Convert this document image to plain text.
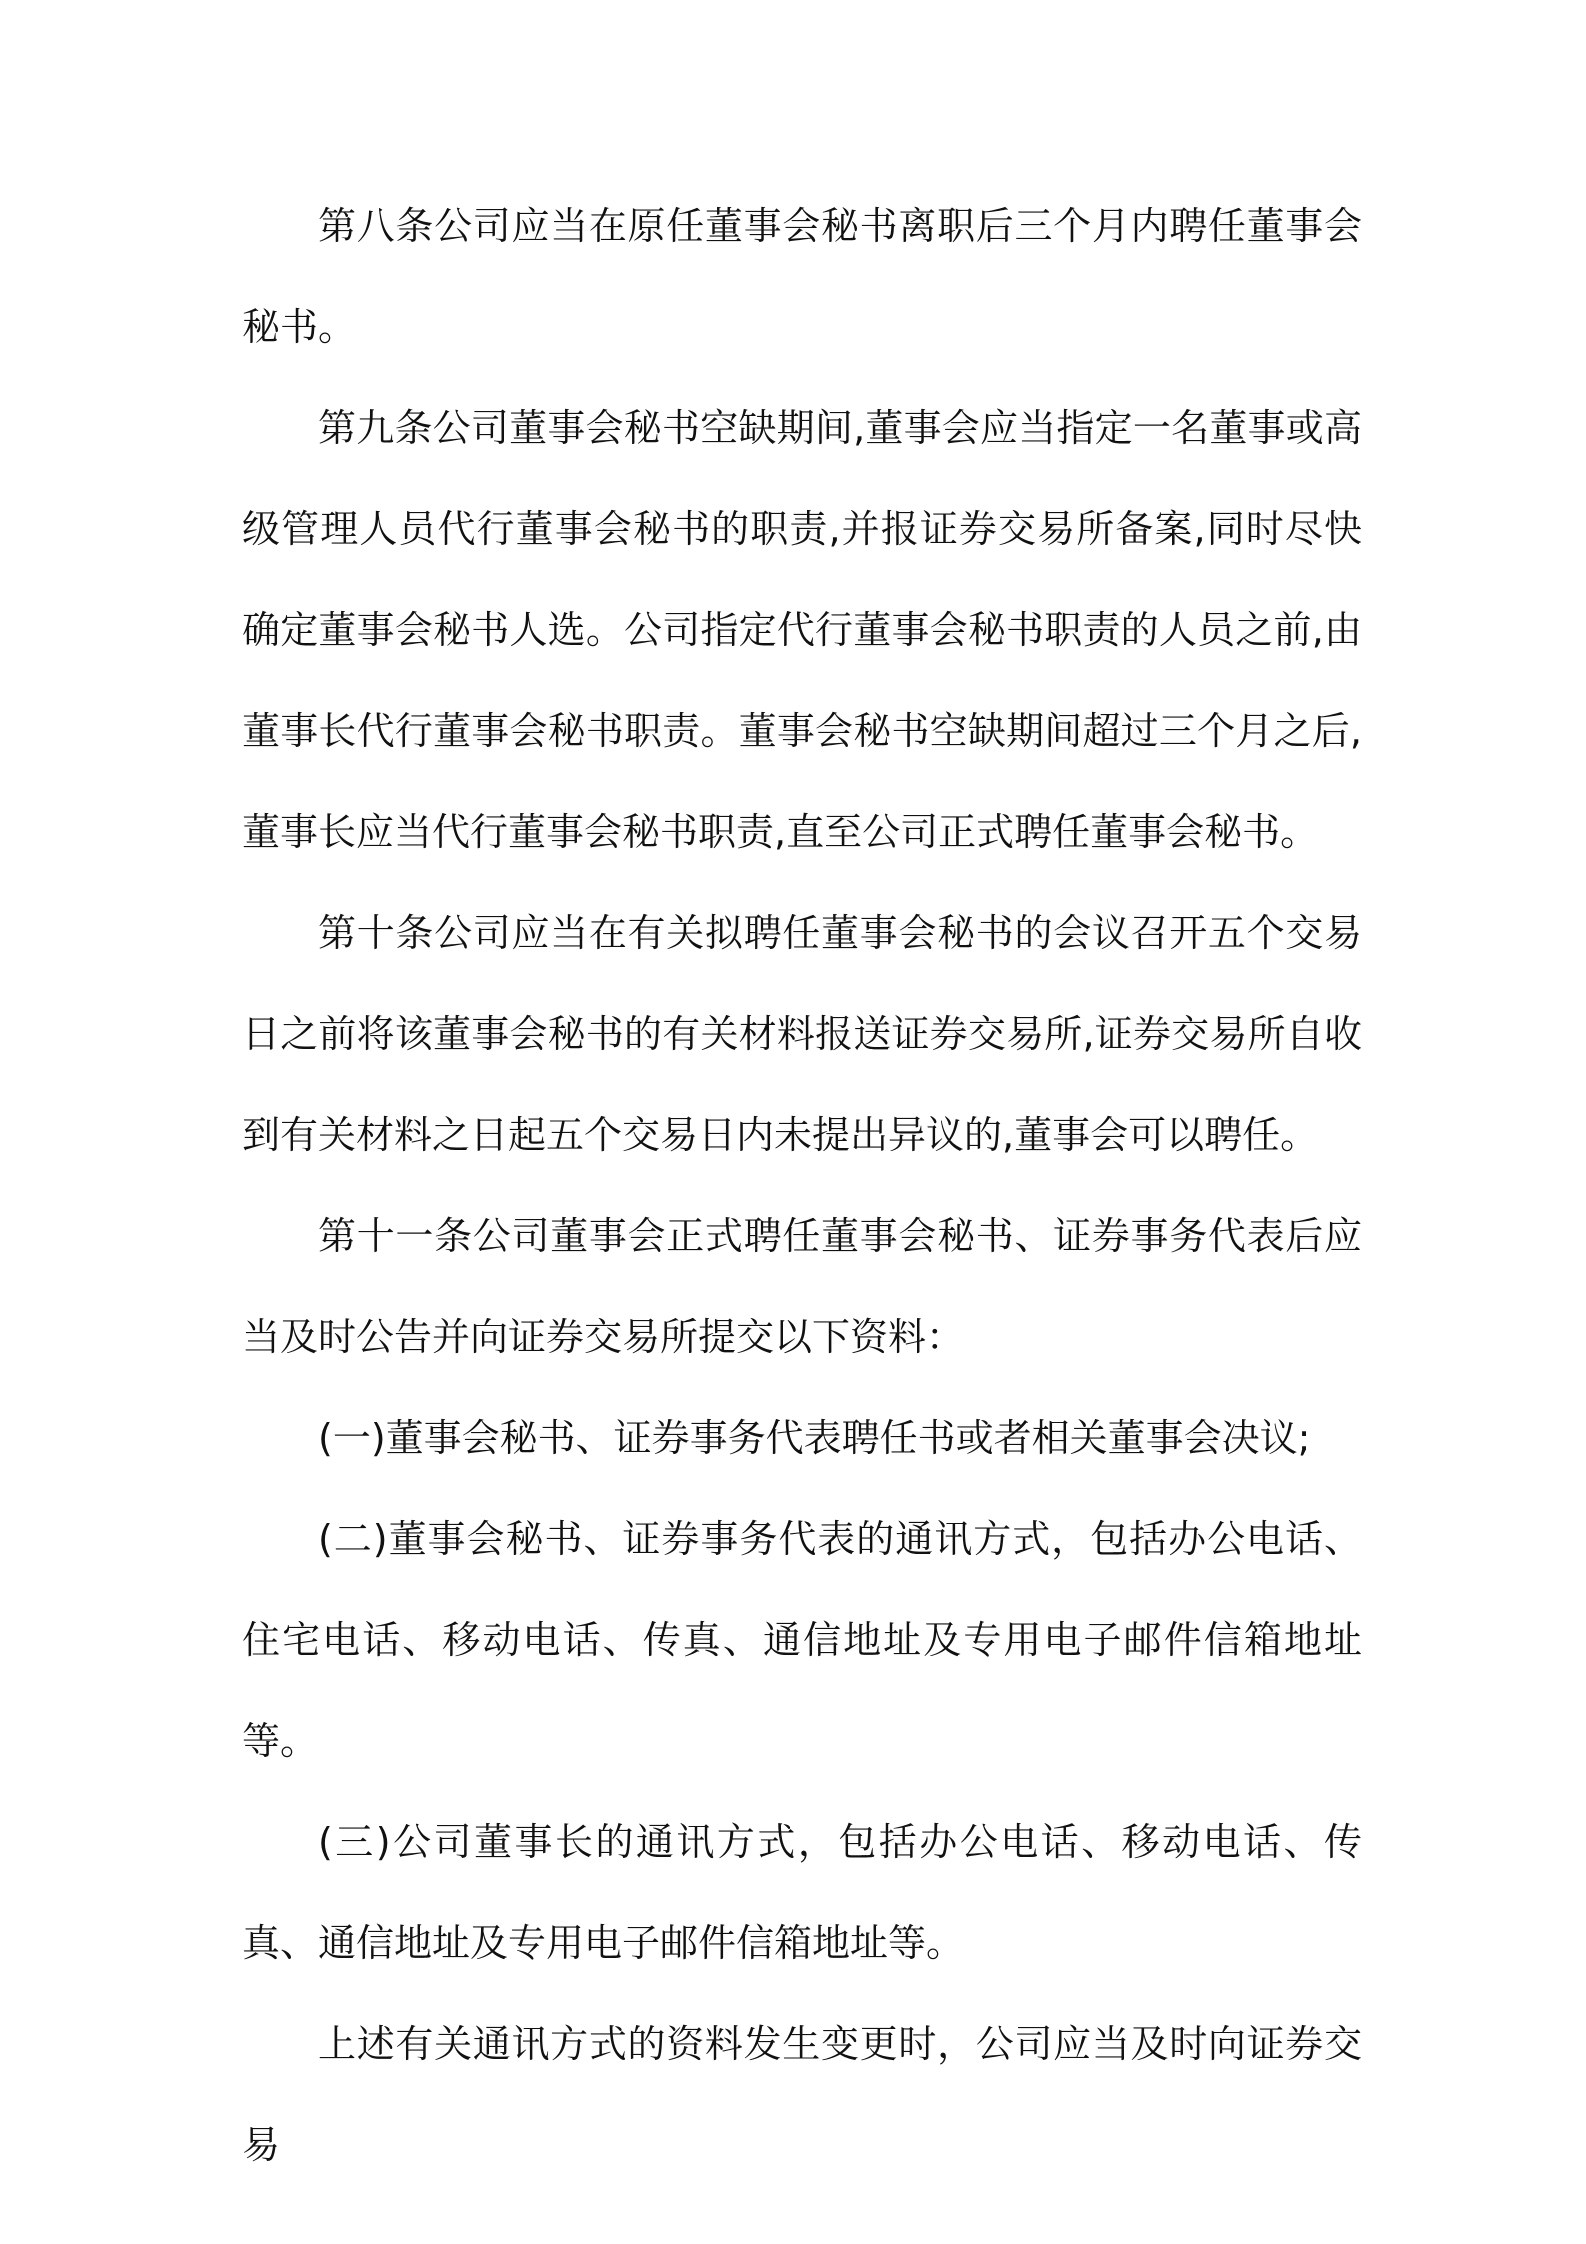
第八条公司应当在原任董事会秘书离职后三个月内聘任董事会秘书。

第九条公司董事会秘书空缺期间,董事会应当指定一名董事或高级管理人员代行董事会秘书的职责,并报证券交易所备案,同时尽快确定董事会秘书人选。公司指定代行董事会秘书职责的人员之前,由董事长代行董事会秘书职责。董事会秘书空缺期间超过三个月之后,董事长应当代行董事会秘书职责,直至公司正式聘任董事会秘书。

第十条公司应当在有关拟聘任董事会秘书的会议召开五个交易日之前将该董事会秘书的有关材料报送证券交易所,证券交易所自收到有关材料之日起五个交易日内未提出异议的,董事会可以聘任。

第十一条公司董事会正式聘任董事会秘书、证券事务代表后应当及时公告并向证券交易所提交以下资料：

(一)董事会秘书、证券事务代表聘任书或者相关董事会决议;

(二)董事会秘书、证券事务代表的通讯方式，包括办公电话、住宅电话、移动电话、传真、通信地址及专用电子邮件信箱地址等。

(三)公司董事长的通讯方式，包括办公电话、移动电话、传真、通信地址及专用电子邮件信箱地址等。

上述有关通讯方式的资料发生变更时，公司应当及时向证券交易
